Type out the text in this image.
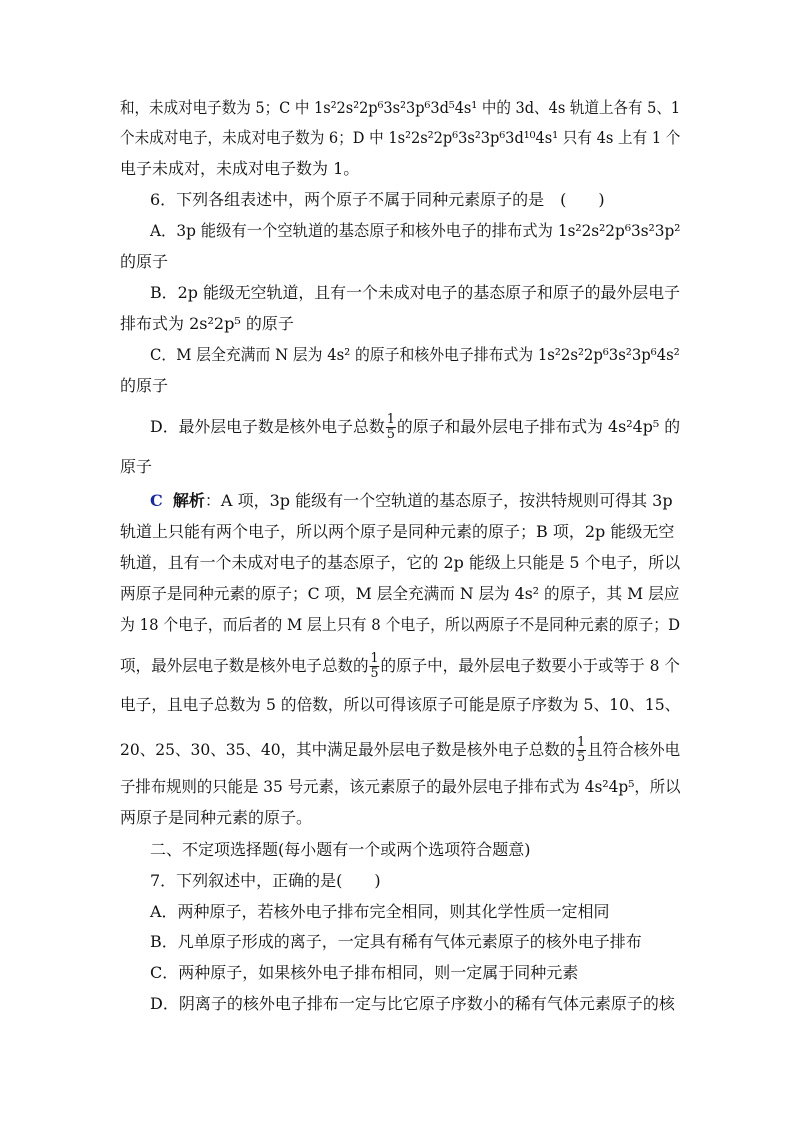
和，未成对电子数为 5；C 中 1s²2s²2p⁶3s²3p⁶3d⁵4s¹ 中的 3d、4s 轨道上各有 5、1
个未成对电子，未成对电子数为 6；D 中 1s²2s²2p⁶3s²3p⁶3d¹⁰4s¹ 只有 4s 上有 1 个
电子未成对，未成对电子数为 1。
6．下列各组表述中，两个原子不属于同种元素原子的是　(　　)
A．3p 能级有一个空轨道的基态原子和核外电子的排布式为 1s²2s²2p⁶3s²3p²
的原子
B．2p 能级无空轨道，且有一个未成对电子的基态原子和原子的最外层电子
排布式为 2s²2p⁵ 的原子
C．M 层全充满而 N 层为 4s² 的原子和核外电子排布式为 1s²2s²2p⁶3s²3p⁶4s²
的原子
D．最外层电子数是核外电子总数 $\frac{1}{5}$ 的原子和最外层电子排布式为 4s²4p⁵ 的
原子
C 解析：A 项，3p 能级有一个空轨道的基态原子，按洪特规则可得其 3p
轨道上只能有两个电子，所以两个原子是同种元素的原子；B 项，2p 能级无空
轨道，且有一个未成对电子的基态原子，它的 2p 能级上只能是 5 个电子，所以
两原子是同种元素的原子；C 项，M 层全充满而 N 层为 4s² 的原子，其 M 层应
为 18 个电子，而后者的 M 层上只有 8 个电子，所以两原子不是同种元素的原子；D
项，最外层电子数是核外电子总数的 $\frac{1}{5}$ 的原子中，最外层电子数要小于或等于 8 个
电子，且电子总数为 5 的倍数，所以可得该原子可能是原子序数为 5、10、15、
20、25、30、35、40，其中满足最外层电子数是核外电子总数的 $\frac{1}{5}$ 且符合核外电
子排布规则的只能是 35 号元素，该元素原子的最外层电子排布式为 4s²4p⁵，所以
两原子是同种元素的原子。
二、不定项选择题(每小题有一个或两个选项符合题意)
7．下列叙述中，正确的是(　　)
A．两种原子，若核外电子排布完全相同，则其化学性质一定相同
B．凡单原子形成的离子，一定具有稀有气体元素原子的核外电子排布
C．两种原子，如果核外电子排布相同，则一定属于同种元素
D．阴离子的核外电子排布一定与比它原子序数小的稀有气体元素原子的核
